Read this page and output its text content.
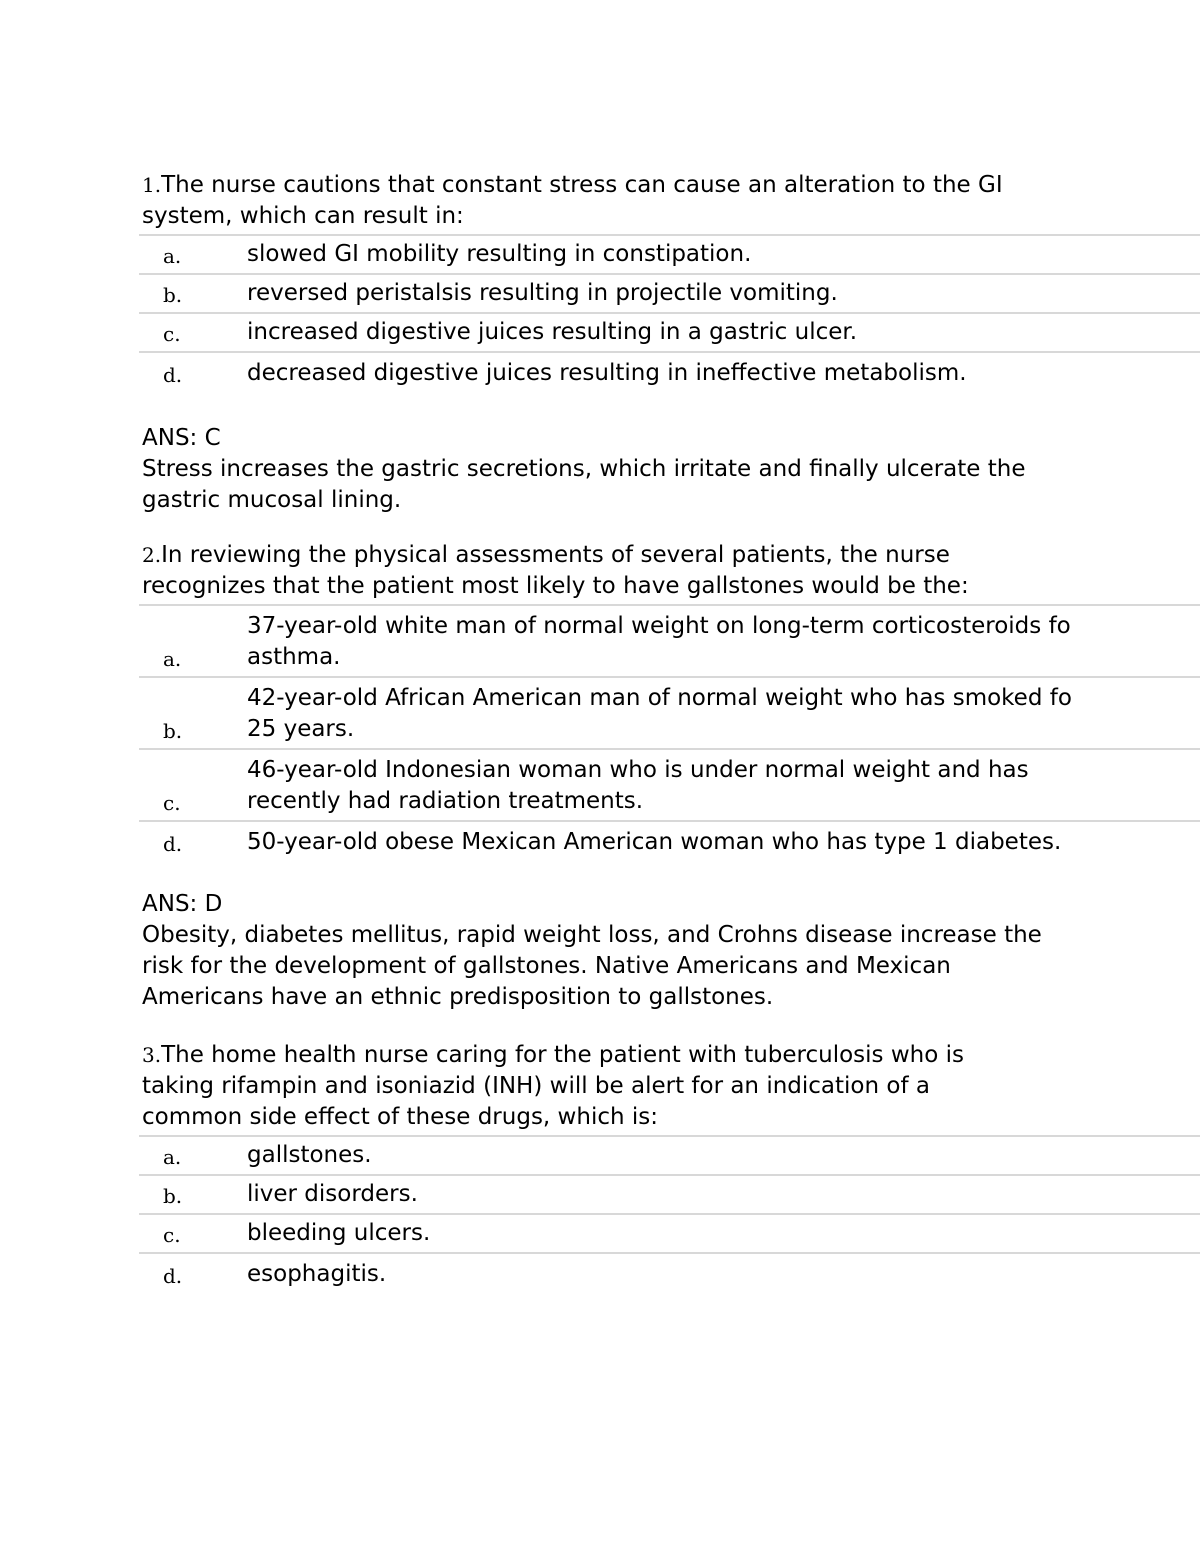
1.The nurse cautions that constant stress can cause an alteration to the GI system, which can result in:

a.	slowed GI mobility resulting in constipation.
b.	reversed peristalsis resulting in projectile vomiting.
c.	increased digestive juices resulting in a gastric ulcer.
d.	decreased digestive juices resulting in ineffective metabolism.

ANS: C

Stress increases the gastric secretions, which irritate and finally ulcerate the gastric mucosal lining.

2.In reviewing the physical assessments of several patients, the nurse recognizes that the patient most likely to have gallstones would be the:

a.
37-year-old white man of normal weight on long-term corticosteroids fo
asthma.
b.
42-year-old African American man of normal weight who has smoked fo
25 years.
c.
46-year-old Indonesian woman who is under normal weight and has
recently had radiation treatments.
d.	50-year-old obese Mexican American woman who has type 1 diabetes.

ANS: D

Obesity, diabetes mellitus, rapid weight loss, and Crohns disease increase the risk for the development of gallstones. Native Americans and Mexican Americans have an ethnic predisposition to gallstones.

3.The home health nurse caring for the patient with tuberculosis who is taking rifampin and isoniazid (INH) will be alert for an indication of a common side effect of these drugs, which is:

a.	gallstones.
b.	liver disorders.
c.	bleeding ulcers.
d.	esophagitis.
